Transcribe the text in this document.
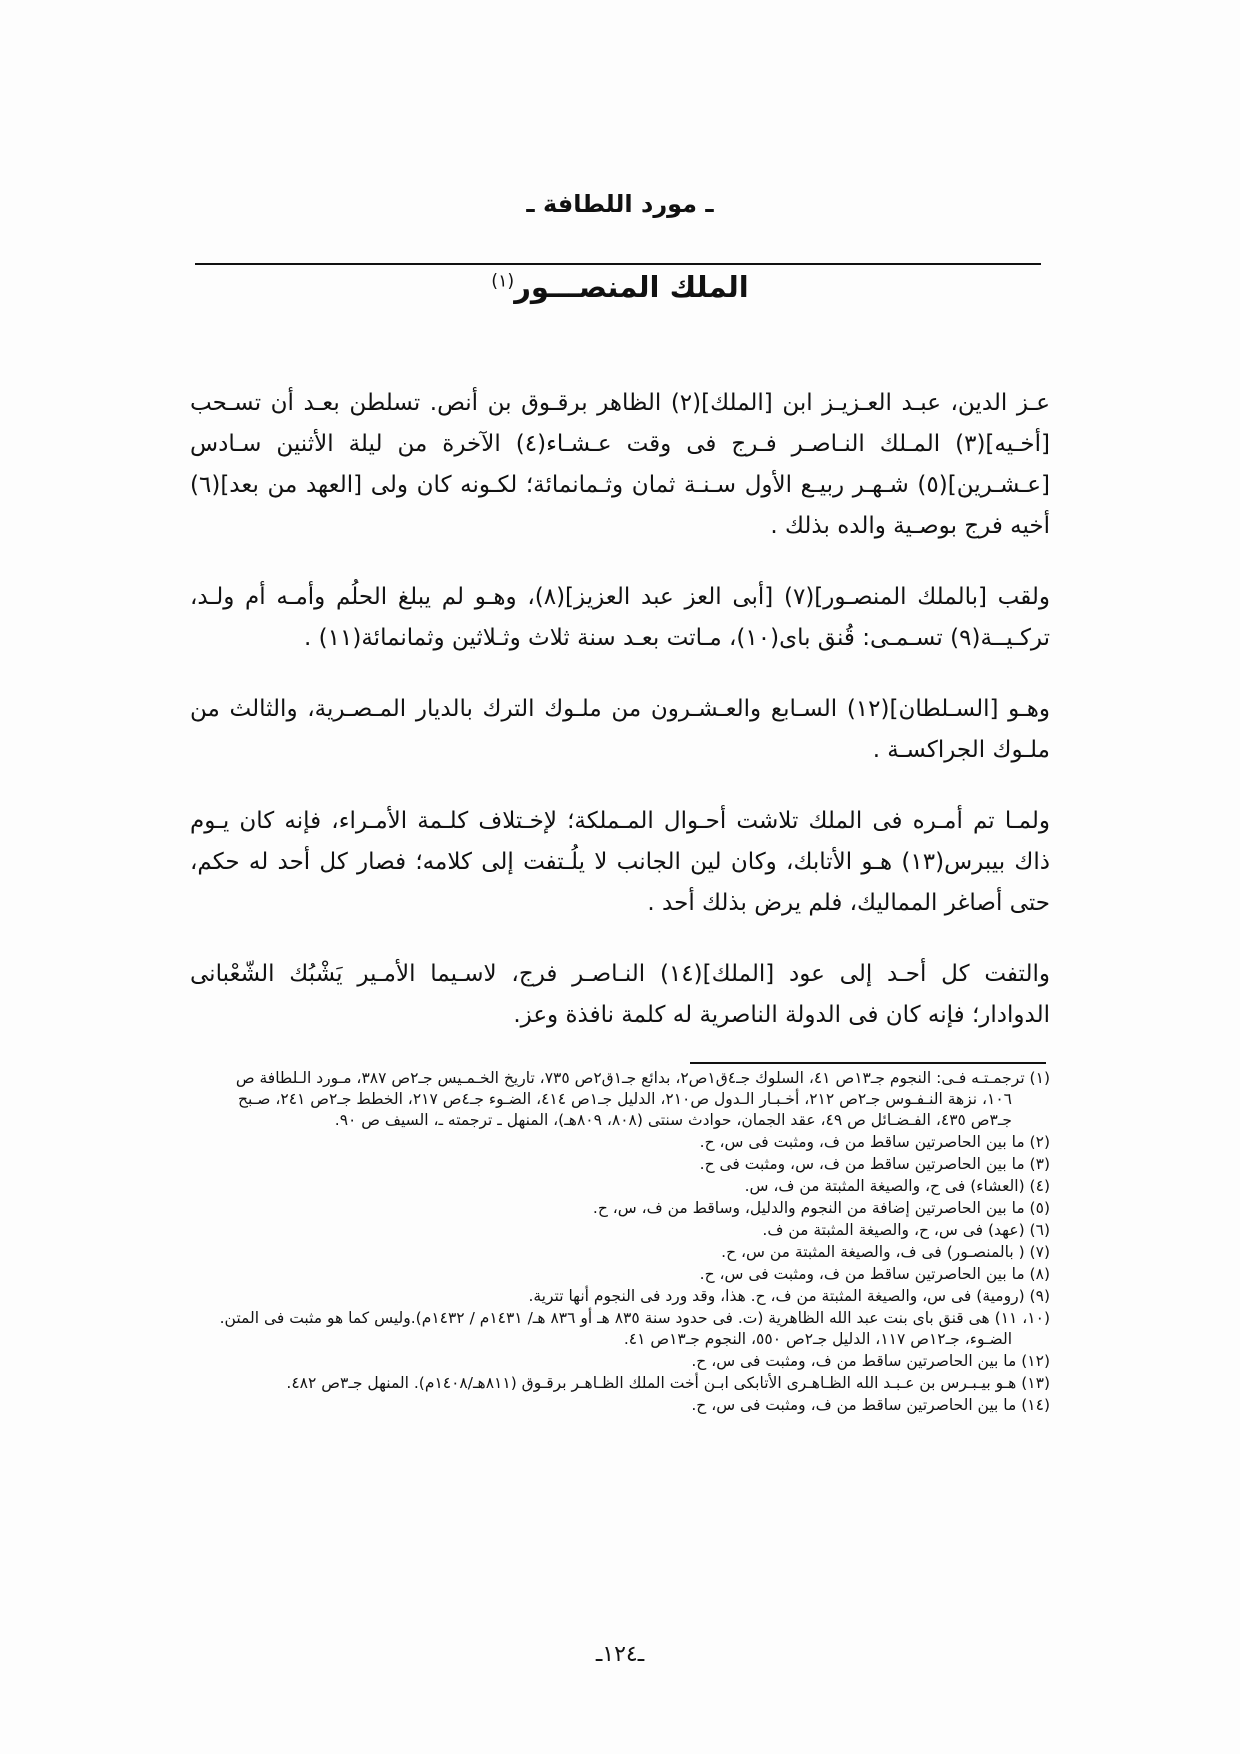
ـ مورد اللطافة ـ
الملك المنصـــور$^{(١)}$

عـز الدين، عبـد العـزيـز ابن [الملك](٢) الظاهر برقـوق بن أنص. تسلطن بعـد أن تسـحب [أخـيه](٣) المـلك النـاصـر فـرج فى وقت عـشـاء(٤) الآخرة من ليلة الأثنين سـادس [عـشـرين](٥) شـهـر ربيـع الأول سـنـة ثمان وثـمانمائة؛ لكـونه كان ولى [العهد من بعد](٦) أخيه فرج بوصـية والده بذلك .

ولقب [بالملك المنصـور](٧) [أبى العز عبد العزيز](٨)، وهـو لم يبلغ الحلُم وأمـه أم ولـد، تركـيــة(٩) تسـمـى: قُنق باى(١٠)، مـاتت بعـد سنة ثلاث وثـلاثين وثمانمائة(١١) .

وهـو [السـلطان](١٢) السـابع والعـشـرون من ملـوك الترك بالديار المـصـرية، والثالث من ملـوك الجراكسـة .

ولمـا تم أمـره فى الملك تلاشت أحـوال المـملكة؛ لإخـتلاف كلـمة الأمـراء، فإنه كان يـوم ذاك بيبرس(١٣) هـو الأتابك، وكان لين الجانب لا يلُـتفت إلى كلامه؛ فصار كل أحد له حكم، حتى أصاغر المماليك، فلم يرض بذلك أحد .

والتفت كل أحـد إلى عود [الملك](١٤) النـاصـر فرج، لاسـيما الأمـير يَشْبُك الشّعْبانى الدوادار؛ فإنه كان فى الدولة الناصرية له كلمة نافذة وعز.

(١) ترجمـتـه فـى: النجوم جـ١٣ص ٤١، السلوك جـ٤ق١ص٢، بدائع جـ١ق٢ص ٧٣٥، تاريخ الخـمـيس جـ٢ص ٣٨٧، مـورد الـلطافة ص ١٠٦، نزهة النـفـوس جـ٢ص ٢١٢، أخـبـار الـدول ص٢١٠، الدليل جـ١ص ٤١٤، الضـوء جـ٤ص ٢١٧، الخطط جـ٢ص ٢٤١، صـبح جـ٣ص ٤٣٥، الفـضـائل ص ٤٩، عقد الجمان، حوادث سنتى (٨٠٨، ٨٠٩هـ)، المنهل ـ ترجمته ـ، السيف ص ٩٠.
(٢) ما بين الحاصرتين ساقط من ف، ومثبت فى س، ح.
(٣) ما بين الحاصرتين ساقط من ف، س، ومثبت فى ح.
(٤) (العشاء) فى ح، والصيغة المثبتة من ف، س.
(٥) ما بين الحاصرتين إضافة من النجوم والدليل، وساقط من ف، س، ح.
(٦) (عهد) فى س، ح، والصيغة المثبتة من ف.
(٧) ( بالمنصـور) فى ف، والصيغة المثبتة من س، ح.
(٨) ما بين الحاصرتين ساقط من ف، ومثبت فى س، ح.
(٩) (رومية) فى س، والصيغة المثبتة من ف، ح. هذا، وقد ورد فى النجوم أنها تترية.
(١٠، ١١) هى قنق باى بنت عبد الله الظاهرية (ت. فى حدود سنة ٨٣٥ هـ أو ٨٣٦ هـ/ ١٤٣١م / ١٤٣٢م).وليس كما هو مثبت فى المتن. الضـوء، جـ١٢ص ١١٧، الدليل جـ٢ص ٥٥٠، النجوم جـ١٣ص ٤١.
(١٢) ما بين الحاصرتين ساقط من ف، ومثبت فى س، ح.
(١٣) هـو بيـبـرس بن عـبـد الله الظـاهـرى الأتابكى ابـن أخت الملك الظـاهـر برقـوق (٨١١هـ/١٤٠٨م). المنهل جـ٣ص ٤٨٢.
(١٤) ما بين الحاصرتين ساقط من ف، ومثبت فى س، ح.
ـ١٢٤ـ
